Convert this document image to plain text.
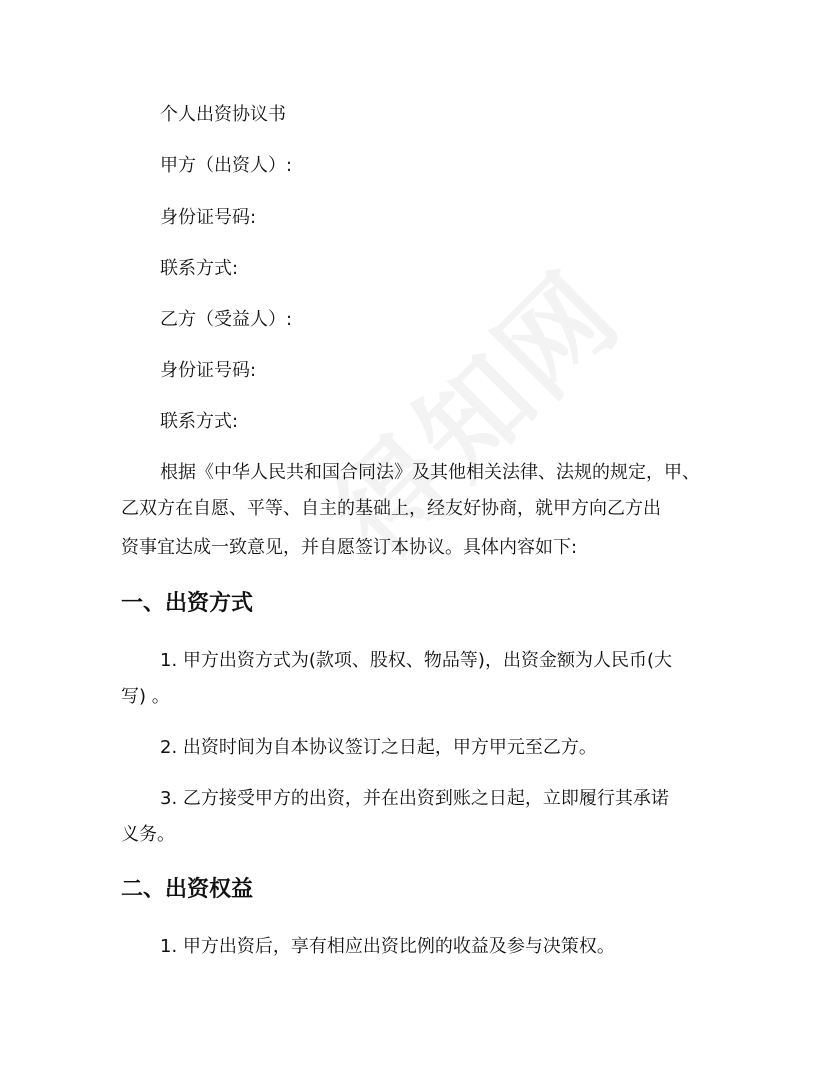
个人出资协议书
甲方（出资人）:
身份证号码:
联系方式:
乙方（受益人）:
身份证号码:
联系方式:
根据《中华人民共和国合同法》及其他相关法律、法规的规定，甲、
乙双方在自愿、平等、自主的基础上，经友好协商，就甲方向乙方出
资事宜达成一致意见，并自愿签订本协议。具体内容如下:
一、出资方式
1. 甲方出资方式为(款项、股权、物品等)，出资金额为人民币(大
写) 。
2. 出资时间为自本协议签订之日起，甲方甲元至乙方。
3. 乙方接受甲方的出资，并在出资到账之日起，立即履行其承诺
义务。
二、出资权益
1. 甲方出资后，享有相应出资比例的收益及参与决策权。
